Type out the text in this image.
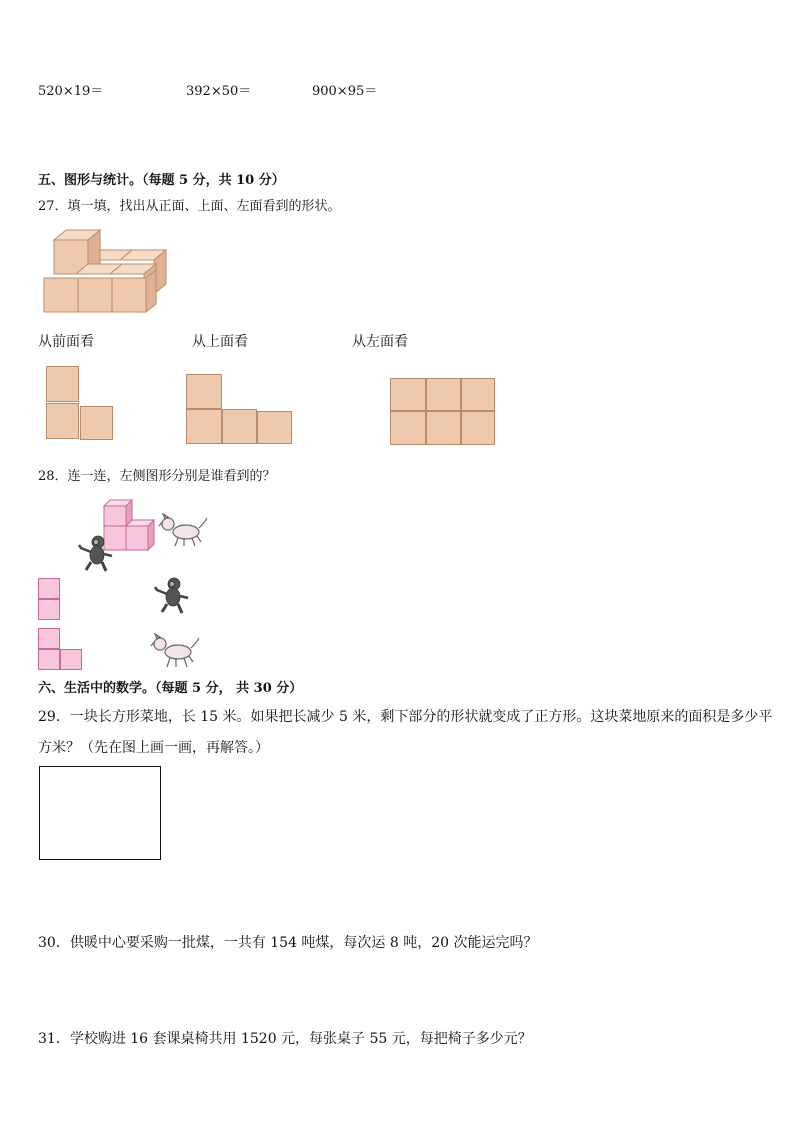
520×19＝	392×50＝	900×95＝
五、图形与统计。（每题 5 分，共 10 分）
27．填一填，找出从正面、上面、左面看到的形状。
从前面看	从上面看	从左面看
28．连一连，左侧图形分别是谁看到的？
六、生活中的数学。（每题 5 分， 共 30 分）
29．一块长方形菜地，长 15 米。如果把长减少 5 米，剩下部分的形状就变成了正方形。这块菜地原来的面积是多少平
方米？（先在图上画一画，再解答。）
30．供暖中心要采购一批煤，一共有 154 吨煤，每次运 8 吨，20 次能运完吗？
31．学校购进 16 套课桌椅共用 1520 元，每张桌子 55 元，每把椅子多少元？
